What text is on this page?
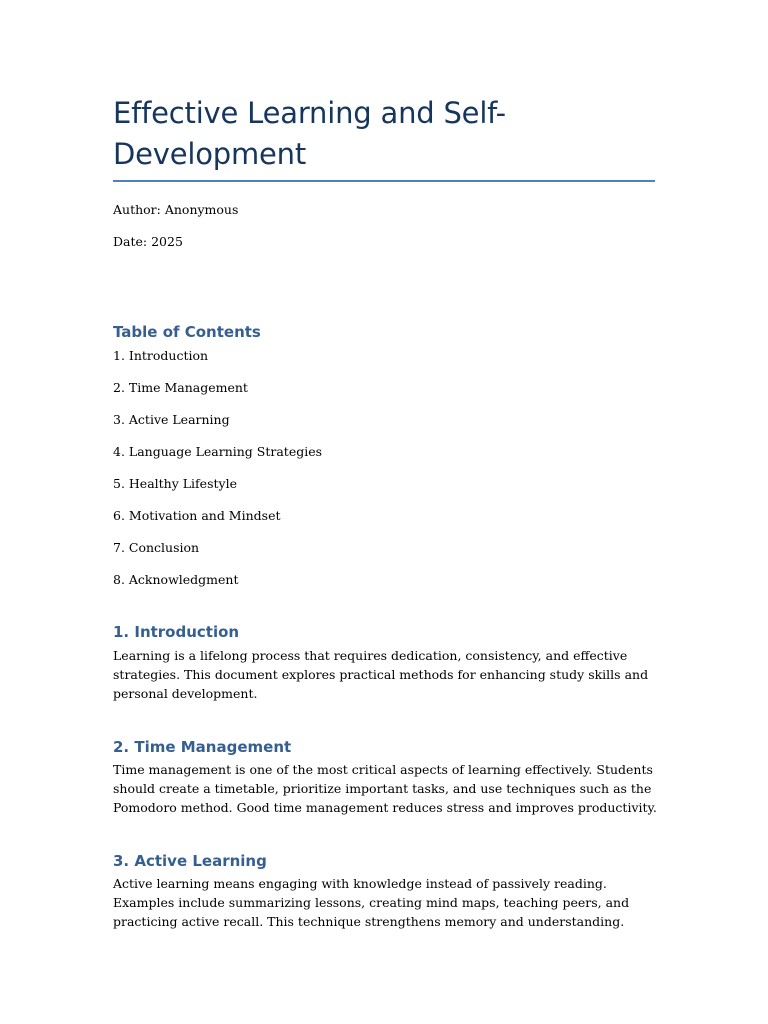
Effective Learning and Self-Development

Author: Anonymous

Date: 2025

Table of Contents
1. Introduction
2. Time Management
3. Active Learning
4. Language Learning Strategies
5. Healthy Lifestyle
6. Motivation and Mindset
7. Conclusion
8. Acknowledgment
1. Introduction

Learning is a lifelong process that requires dedication, consistency, and effective strategies. This document explores practical methods for enhancing study skills and personal development.

2. Time Management

Time management is one of the most critical aspects of learning effectively. Students should create a timetable, prioritize important tasks, and use techniques such as the Pomodoro method. Good time management reduces stress and improves productivity.

3. Active Learning

Active learning means engaging with knowledge instead of passively reading. Examples include summarizing lessons, creating mind maps, teaching peers, and practicing active recall. This technique strengthens memory and understanding.
